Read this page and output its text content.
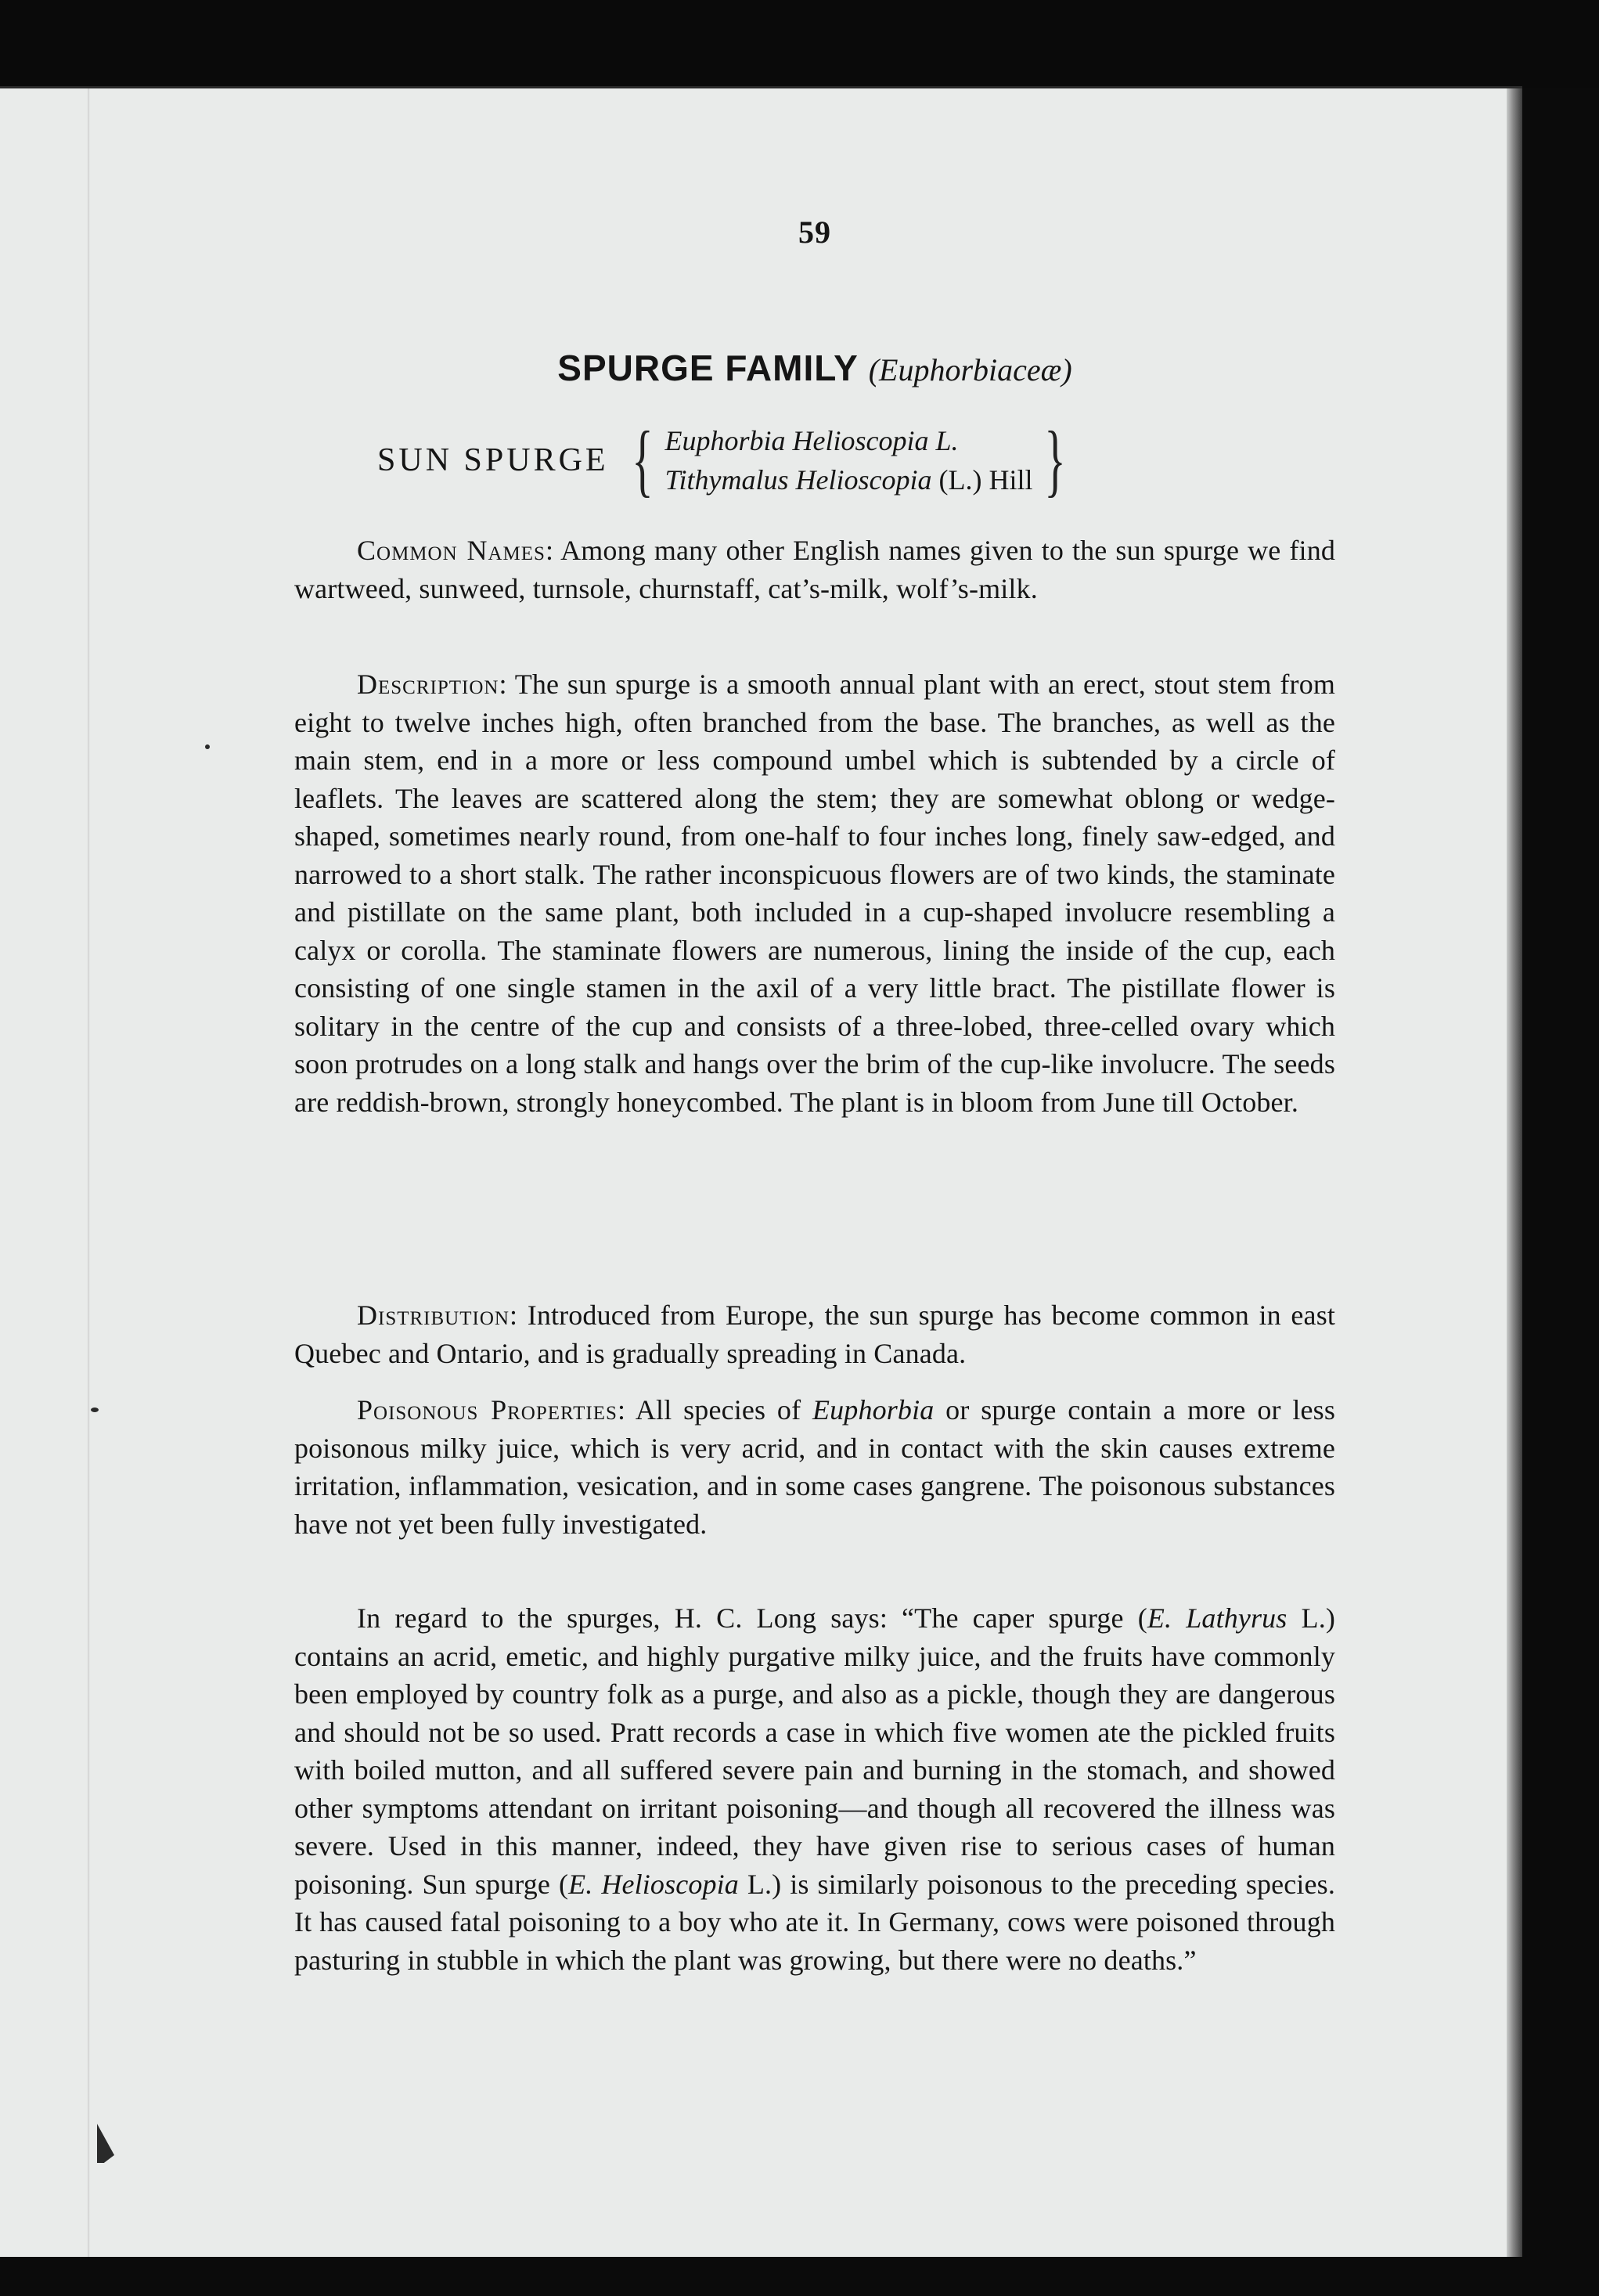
59
SPURGE FAMILY (Euphorbiaceæ)
SUN SPURGE { Euphorbia Helioscopia L.
Tithymalus Helioscopia (L.) Hill }

Common Names: Among many other English names given to the sun spurge we find wartweed, sunweed, turnsole, churnstaff, cat’s-milk, wolf’s-milk.

Description: The sun spurge is a smooth annual plant with an erect, stout stem from eight to twelve inches high, often branched from the base. The branches, as well as the main stem, end in a more or less compound umbel which is subtended by a circle of leaflets. The leaves are scattered along the stem; they are somewhat oblong or wedge-shaped, sometimes nearly round, from one-half to four inches long, finely saw-edged, and narrowed to a short stalk. The rather inconspicuous flowers are of two kinds, the staminate and pistillate on the same plant, both included in a cup-shaped involucre resembling a calyx or corolla. The staminate flowers are numerous, lining the inside of the cup, each consisting of one single stamen in the axil of a very little bract. The pistillate flower is solitary in the centre of the cup and consists of a three-lobed, three-celled ovary which soon protrudes on a long stalk and hangs over the brim of the cup-like involucre. The seeds are reddish-brown, strongly honeycombed. The plant is in bloom from June till October.

Distribution: Introduced from Europe, the sun spurge has become common in east Quebec and Ontario, and is gradually spreading in Canada.

Poisonous Properties: All species of Euphorbia or spurge contain a more or less poisonous milky juice, which is very acrid, and in contact with the skin causes extreme irritation, inflammation, vesication, and in some cases gangrene. The poisonous substances have not yet been fully investigated.

In regard to the spurges, H. C. Long says: “The caper spurge (E. Lathyrus L.) contains an acrid, emetic, and highly purgative milky juice, and the fruits have commonly been employed by country folk as a purge, and also as a pickle, though they are dangerous and should not be so used. Pratt records a case in which five women ate the pickled fruits with boiled mutton, and all suffered severe pain and burning in the stomach, and showed other symptoms attendant on irritant poisoning—and though all recovered the illness was severe. Used in this manner, indeed, they have given rise to serious cases of human poisoning. Sun spurge (E. Helioscopia L.) is similarly poisonous to the preceding species. It has caused fatal poisoning to a boy who ate it. In Germany, cows were poisoned through pasturing in stubble in which the plant was growing, but there were no deaths.”
